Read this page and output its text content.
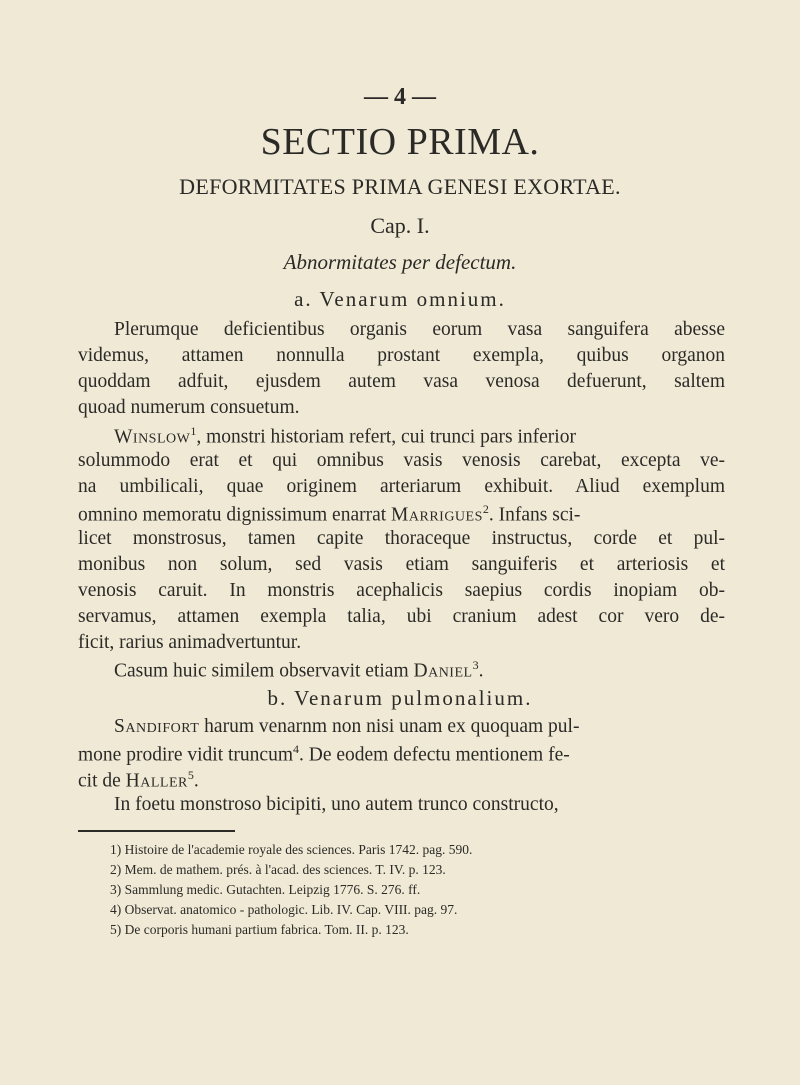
— 4 —
SECTIO PRIMA.
DEFORMITATES PRIMA GENESI EXORTAE.
Cap. I.
Abnormitates per defectum.
a. Venarum omnium.
Plerumque deficientibus organis eorum vasa sanguifera abesse
videmus, attamen nonnulla prostant exempla, quibus organon
quoddam adfuit, ejusdem autem vasa venosa defuerunt, saltem
quoad numerum consuetum.
Winslow$^1$, monstri historiam refert, cui trunci pars inferior
solummodo erat et qui omnibus vasis venosis carebat, excepta ve-
na umbilicali, quae originem arteriarum exhibuit. Aliud exemplum
omnino memoratu dignissimum enarrat Marrigues$^2$. Infans sci-
licet monstrosus, tamen capite thoraceque instructus, corde et pul-
monibus non solum, sed vasis etiam sanguiferis et arteriosis et
venosis caruit. In monstris acephalicis saepius cordis inopiam ob-
servamus, attamen exempla talia, ubi cranium adest cor vero de-
ficit, rarius animadvertuntur.
Casum huic similem observavit etiam Daniel$^3$.
b. Venarum pulmonalium.
Sandifort harum venarnm non nisi unam ex quoquam pul-
mone prodire vidit truncum$^4$. De eodem defectu mentionem fe-
cit de Haller$^5$.
In foetu monstroso bicipiti, uno autem trunco constructo,
1) Histoire de l'academie royale des sciences. Paris 1742. pag. 590.
2) Mem. de mathem. prés. à l'acad. des sciences. T. IV. p. 123.
3) Sammlung medic. Gutachten. Leipzig 1776. S. 276. ff.
4) Observat. anatomico - pathologic. Lib. IV. Cap. VIII. pag. 97.
5) De corporis humani partium fabrica. Tom. II. p. 123.
